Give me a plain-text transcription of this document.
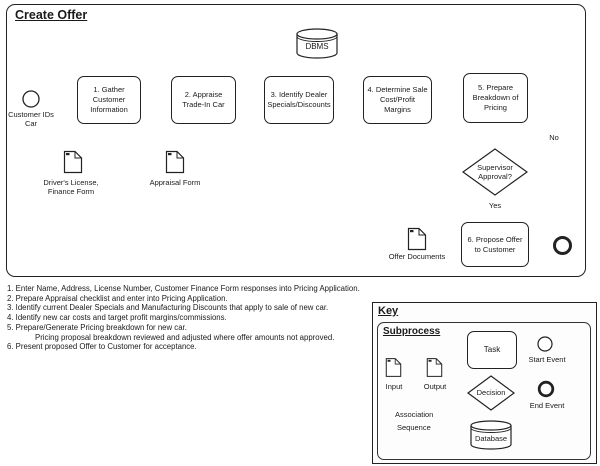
Create Offer
Customer IDs Car
1. Gather Customer Information
2. Appraise Trade-In Car
3. Identify Dealer Specials/Discounts
4. Determine Sale Cost/Profit Margins
5. Prepare Breakdown of Pricing
6. Propose Offer to Customer
DBMS
Supervisor Approval?
Yes
No
Driver's License, Finance Form
Appraisal Form
Offer Documents
1. Enter Name, Address, License Number, Customer Finance Form responses into Pricing Application.
2. Prepare Appraisal checklist and enter into Pricing Application.
3. Identify current Dealer Specials and Manufacturing Discounts that apply to sale of new car.
4. Identify new car costs and target profit margins/commissions.
5. Prepare/Generate Pricing breakdown for new car.
Pricing proposal breakdown reviewed and adjusted where offer amounts not approved.
6. Present proposed Offer to Customer for acceptance.
Key
Subprocess
Input	Output
Association
Sequence
Task
Decision
Database
Start Event
End Event
